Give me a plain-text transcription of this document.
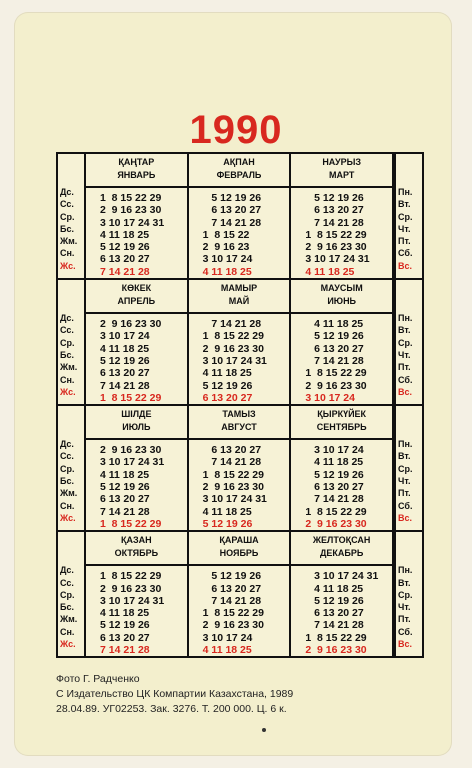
1990
Дс.
Сс.
Ср.
Бс.
Жм.
Сн.
Жс.
ҚАҢТАР
ЯНВАРЬ
1  8 15 22 29
2  9 16 23 30
3 10 17 24 31
4 11 18 25
5 12 19 26
6 13 20 27
7 14 21 28
АҚПАН
ФЕВРАЛЬ
5 12 19 26
6 13 20 27
7 14 21 28
1  8 15 22
2  9 16 23
3 10 17 24
4 11 18 25
НАУРЫЗ
МАРТ
5 12 19 26
6 13 20 27
7 14 21 28
1  8 15 22 29
2  9 16 23 30
3 10 17 24 31
4 11 18 25
Пн.
Вт.
Ср.
Чт.
Пт.
Сб.
Вс.
Дс.
Сс.
Ср.
Бс.
Жм.
Сн.
Жс.
КӨКЕК
АПРЕЛЬ
2  9 16 23 30
3 10 17 24
4 11 18 25
5 12 19 26
6 13 20 27
7 14 21 28
1  8 15 22 29
МАМЫР
МАЙ
7 14 21 28
1  8 15 22 29
2  9 16 23 30
3 10 17 24 31
4 11 18 25
5 12 19 26
6 13 20 27
МАУСЫМ
ИЮНЬ
4 11 18 25
5 12 19 26
6 13 20 27
7 14 21 28
1  8 15 22 29
2  9 16 23 30
3 10 17 24
Пн.
Вт.
Ср.
Чт.
Пт.
Сб.
Вс.
Дс.
Сс.
Ср.
Бс.
Жм.
Сн.
Жс.
ШІЛДЕ
ИЮЛЬ
2  9 16 23 30
3 10 17 24 31
4 11 18 25
5 12 19 26
6 13 20 27
7 14 21 28
1  8 15 22 29
ТАМЫЗ
АВГУСТ
6 13 20 27
7 14 21 28
1  8 15 22 29
2  9 16 23 30
3 10 17 24 31
4 11 18 25
5 12 19 26
ҚЫРКҮЙЕК
СЕНТЯБРЬ
3 10 17 24
4 11 18 25
5 12 19 26
6 13 20 27
7 14 21 28
1  8 15 22 29
2  9 16 23 30
Пн.
Вт.
Ср.
Чт.
Пт.
Сб.
Вс.
Дс.
Сс.
Ср.
Бс.
Жм.
Сн.
Жс.
ҚАЗАН
ОКТЯБРЬ
1  8 15 22 29
2  9 16 23 30
3 10 17 24 31
4 11 18 25
5 12 19 26
6 13 20 27
7 14 21 28
ҚАРАША
НОЯБРЬ
5 12 19 26
6 13 20 27
7 14 21 28
1  8 15 22 29
2  9 16 23 30
3 10 17 24
4 11 18 25
ЖЕЛТОҚСАН
ДЕКАБРЬ
3 10 17 24 31
4 11 18 25
5 12 19 26
6 13 20 27
7 14 21 28
1  8 15 22 29
2  9 16 23 30
Пн.
Вт.
Ср.
Чт.
Пт.
Сб.
Вс.
Фото Г. Радченко
С Издательство ЦК Компартии Казахстана, 1989
28.04.89. УГ02253. Зак. 3276. Т. 200 000. Ц. 6 к.
